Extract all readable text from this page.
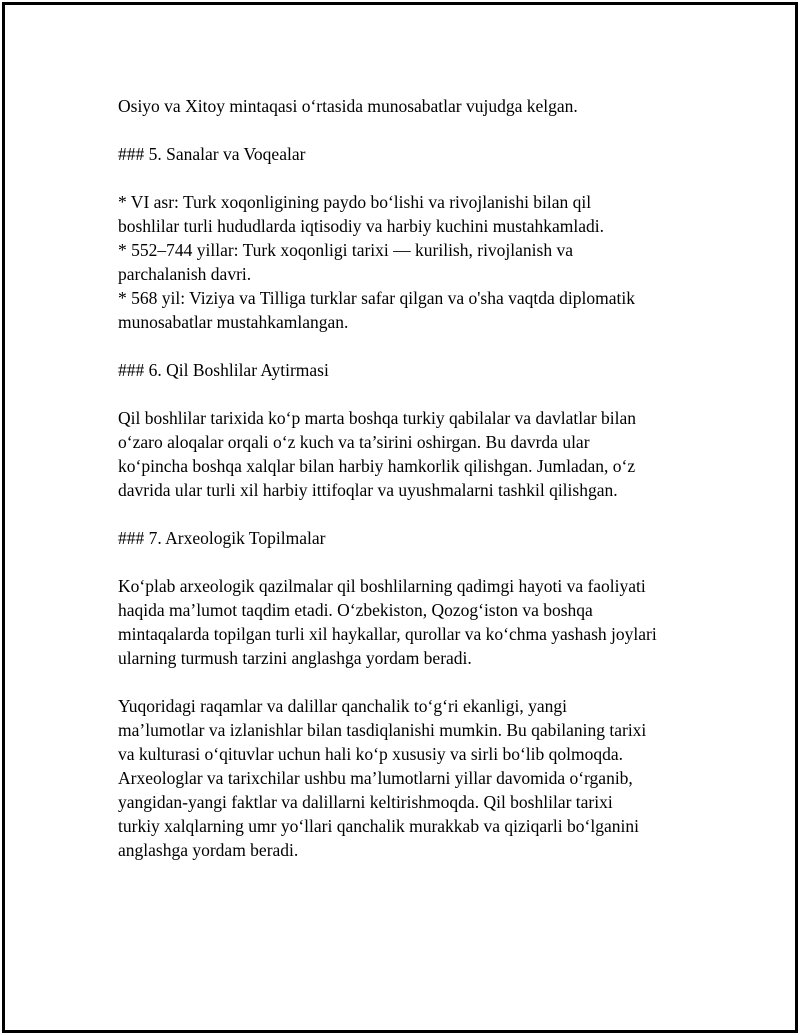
Osiyo va Xitoy mintaqasi o‘rtasida munosabatlar vujudga kelgan.

### 5. Sanalar va Voqealar

* VI asr: Turk xoqonligining paydo bo‘lishi va rivojlanishi bilan qil

boshlilar turli hududlarda iqtisodiy va harbiy kuchini mustahkamladi.

* 552–744 yillar: Turk xoqonligi tarixi — kurilish, rivojlanish va

parchalanish davri.

* 568 yil: Viziya va Tilliga turklar safar qilgan va o'sha vaqtda diplomatik

munosabatlar mustahkamlangan.

### 6. Qil Boshlilar Aytirmasi

Qil boshlilar tarixida ko‘p marta boshqa turkiy qabilalar va davlatlar bilan

o‘zaro aloqalar orqali o‘z kuch va ta’sirini oshirgan. Bu davrda ular

ko‘pincha boshqa xalqlar bilan harbiy hamkorlik qilishgan. Jumladan, o‘z

davrida ular turli xil harbiy ittifoqlar va uyushmalarni tashkil qilishgan.

### 7. Arxeologik Topilmalar

Ko‘plab arxeologik qazilmalar qil boshlilarning qadimgi hayoti va faoliyati

haqida ma’lumot taqdim etadi. O‘zbekiston, Qozog‘iston va boshqa

mintaqalarda topilgan turli xil haykallar, qurollar va ko‘chma yashash joylari

ularning turmush tarzini anglashga yordam beradi.

Yuqoridagi raqamlar va dalillar qanchalik to‘g‘ri ekanligi, yangi

ma’lumotlar va izlanishlar bilan tasdiqlanishi mumkin. Bu qabilaning tarixi

va kulturasi o‘qituvlar uchun hali ko‘p xususiy va sirli bo‘lib qolmoqda.

Arxeologlar va tarixchilar ushbu ma’lumotlarni yillar davomida o‘rganib,

yangidan-yangi faktlar va dalillarni keltirishmoqda. Qil boshlilar tarixi

turkiy xalqlarning umr yo‘llari qanchalik murakkab va qiziqarli bo‘lganini

anglashga yordam beradi.
